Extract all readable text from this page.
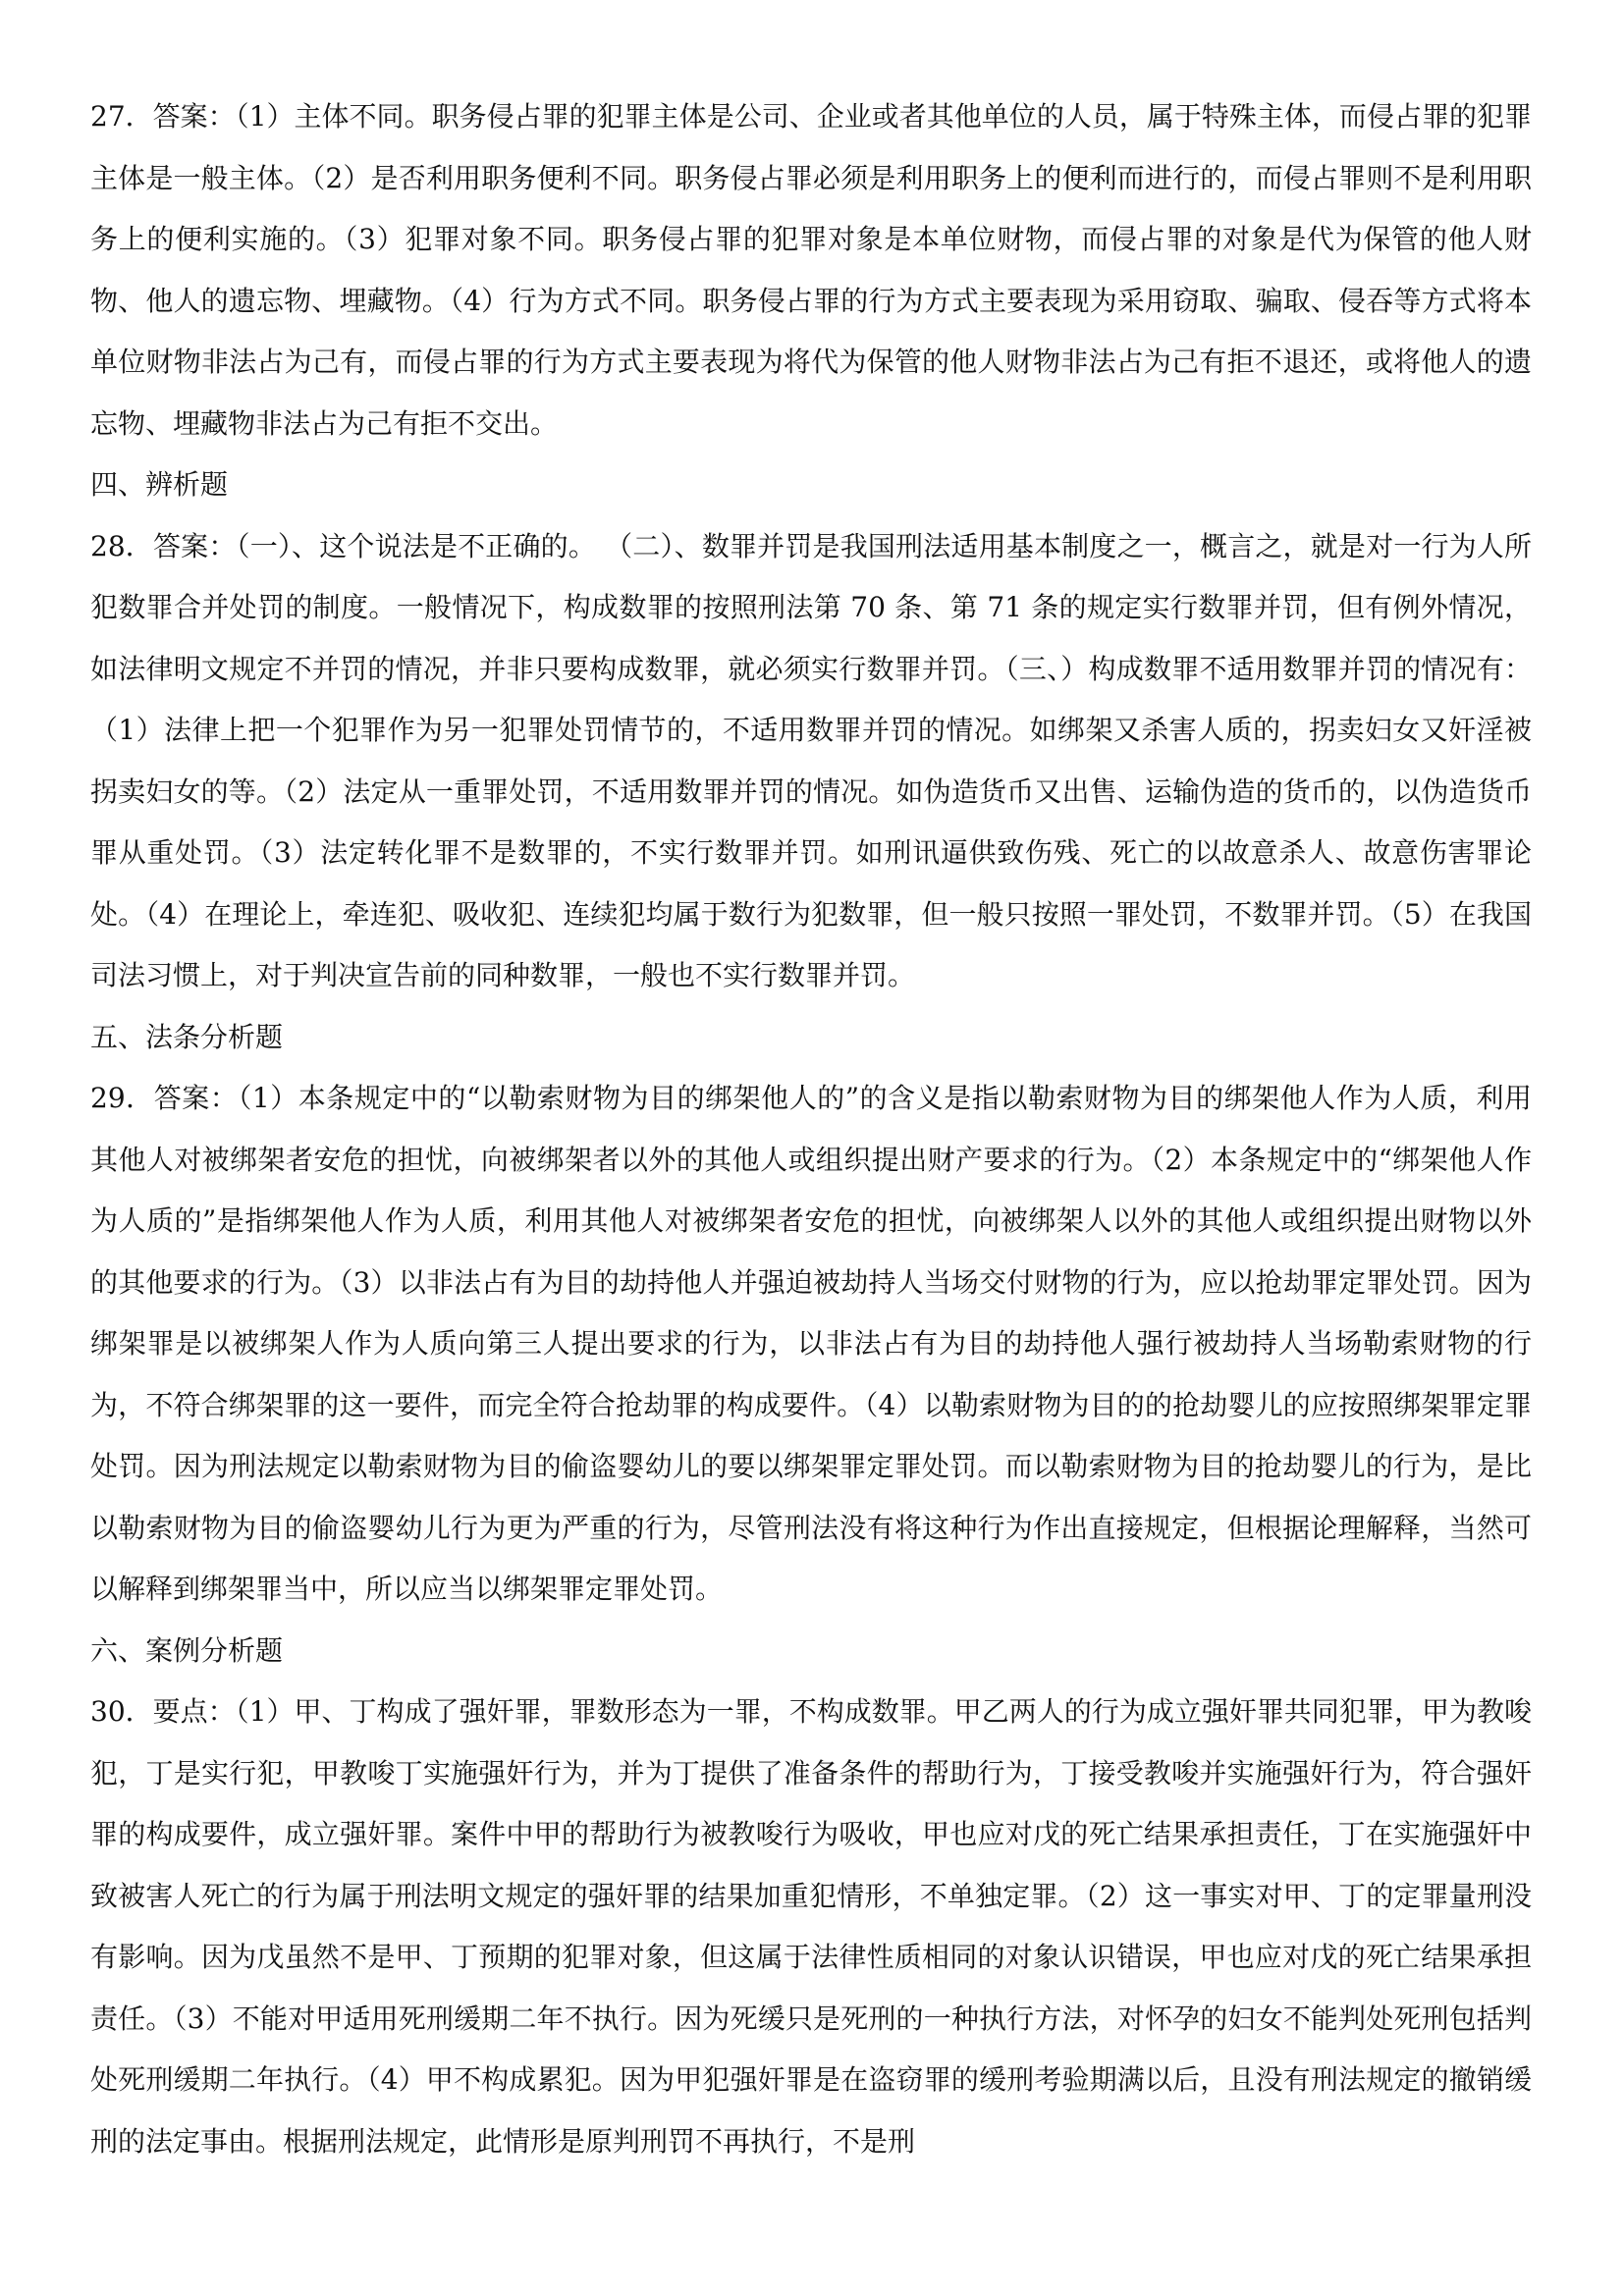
27．答案：（1）主体不同。职务侵占罪的犯罪主体是公司、企业或者其他单位的人员，属于特殊主体，而侵占罪的犯罪主体是一般主体。（2）是否利用职务便利不同。职务侵占罪必须是利用职务上的便利而进行的，而侵占罪则不是利用职务上的便利实施的。（3）犯罪对象不同。职务侵占罪的犯罪对象是本单位财物，而侵占罪的对象是代为保管的他人财物、他人的遗忘物、埋藏物。（4）行为方式不同。职务侵占罪的行为方式主要表现为采用窃取、骗取、侵吞等方式将本单位财物非法占为己有，而侵占罪的行为方式主要表现为将代为保管的他人财物非法占为己有拒不退还，或将他人的遗忘物、埋藏物非法占为己有拒不交出。

四、辨析题

28．答案：（一）、这个说法是不正确的。 （二）、数罪并罚是我国刑法适用基本制度之一，概言之，就是对一行为人所犯数罪合并处罚的制度。一般情况下，构成数罪的按照刑法第 70 条、第 71 条的规定实行数罪并罚，但有例外情况，如法律明文规定不并罚的情况，并非只要构成数罪，就必须实行数罪并罚。（三、）构成数罪不适用数罪并罚的情况有：（1）法律上把一个犯罪作为另一犯罪处罚情节的，不适用数罪并罚的情况。如绑架又杀害人质的，拐卖妇女又奸淫被拐卖妇女的等。（2）法定从一重罪处罚，不适用数罪并罚的情况。如伪造货币又出售、运输伪造的货币的，以伪造货币罪从重处罚。（3）法定转化罪不是数罪的，不实行数罪并罚。如刑讯逼供致伤残、死亡的以故意杀人、故意伤害罪论处。（4）在理论上，牵连犯、吸收犯、连续犯均属于数行为犯数罪，但一般只按照一罪处罚，不数罪并罚。（5）在我国司法习惯上，对于判决宣告前的同种数罪，一般也不实行数罪并罚。

五、法条分析题

29．答案：（1）本条规定中的“以勒索财物为目的绑架他人的”的含义是指以勒索财物为目的绑架他人作为人质，利用其他人对被绑架者安危的担忧，向被绑架者以外的其他人或组织提出财产要求的行为。（2）本条规定中的“绑架他人作为人质的”是指绑架他人作为人质，利用其他人对被绑架者安危的担忧，向被绑架人以外的其他人或组织提出财物以外的其他要求的行为。（3）以非法占有为目的劫持他人并强迫被劫持人当场交付财物的行为，应以抢劫罪定罪处罚。因为绑架罪是以被绑架人作为人质向第三人提出要求的行为，以非法占有为目的劫持他人强行被劫持人当场勒索财物的行为，不符合绑架罪的这一要件，而完全符合抢劫罪的构成要件。（4）以勒索财物为目的的抢劫婴儿的应按照绑架罪定罪处罚。因为刑法规定以勒索财物为目的偷盗婴幼儿的要以绑架罪定罪处罚。而以勒索财物为目的抢劫婴儿的行为，是比以勒索财物为目的偷盗婴幼儿行为更为严重的行为，尽管刑法没有将这种行为作出直接规定，但根据论理解释，当然可以解释到绑架罪当中，所以应当以绑架罪定罪处罚。

六、案例分析题

30．要点：（1）甲、丁构成了强奸罪，罪数形态为一罪，不构成数罪。甲乙两人的行为成立强奸罪共同犯罪，甲为教唆犯，丁是实行犯，甲教唆丁实施强奸行为，并为丁提供了准备条件的帮助行为，丁接受教唆并实施强奸行为，符合强奸罪的构成要件，成立强奸罪。案件中甲的帮助行为被教唆行为吸收，甲也应对戊的死亡结果承担责任，丁在实施强奸中致被害人死亡的行为属于刑法明文规定的强奸罪的结果加重犯情形，不单独定罪。（2）这一事实对甲、丁的定罪量刑没有影响。因为戊虽然不是甲、丁预期的犯罪对象，但这属于法律性质相同的对象认识错误，甲也应对戊的死亡结果承担责任。（3）不能对甲适用死刑缓期二年不执行。因为死缓只是死刑的一种执行方法，对怀孕的妇女不能判处死刑包括判处死刑缓期二年执行。（4）甲不构成累犯。因为甲犯强奸罪是在盗窃罪的缓刑考验期满以后，且没有刑法规定的撤销缓刑的法定事由。根据刑法规定，此情形是原判刑罚不再执行，不是刑
